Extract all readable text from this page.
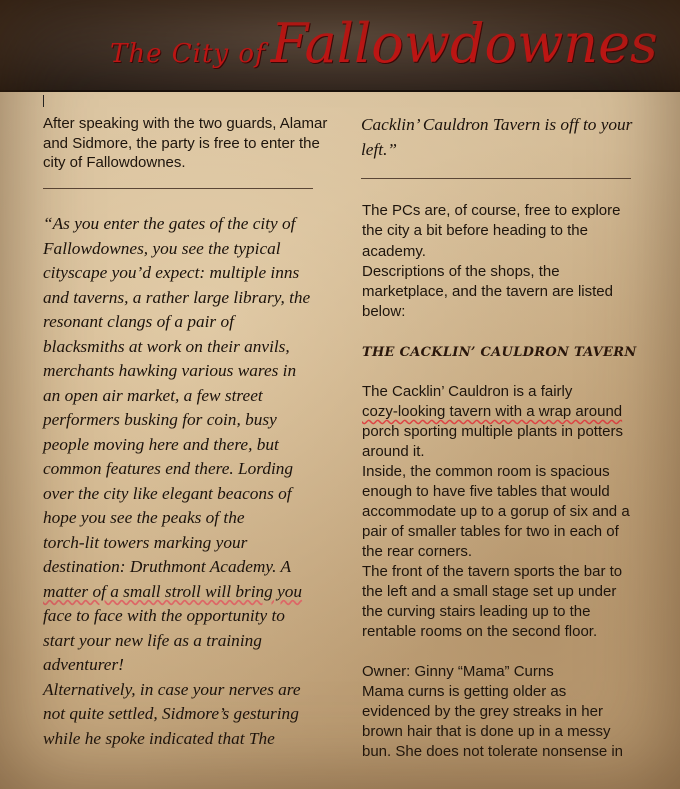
The City of Fallowdownes

After speaking with the two guards, Alamar and Sidmore, the party is free to enter the city of Fallowdownes.

“As you enter the gates of the city of
Fallowdownes, you see the typical
cityscape you’d expect: multiple inns
and taverns, a rather large library, the
resonant clangs of a pair of
blacksmiths at work on their anvils,
merchants hawking various wares in
an open air market, a few street
performers busking for coin, busy
people moving here and there, but
common features end there. Lording
over the city like elegant beacons of
hope you see the peaks of the
torch-lit towers marking your
destination: Druthmont Academy. A
matter of a small stroll will bring you
face to face with the opportunity to
start your new life as a training
adventurer!
Alternatively, in case your nerves are
not quite settled, Sidmore’s gesturing
while he spoke indicated that The
Cacklin’ Cauldron Tavern is off to your
left.”
The PCs are, of course, free to explore
the city a bit before heading to the
academy.
Descriptions of the shops, the
marketplace, and the tavern are listed
below:
THE CACKLIN’ CAULDRON TAVERN
The Cacklin’ Cauldron is a fairly
cozy-looking tavern with a wrap around
porch sporting multiple plants in potters
around it.
Inside, the common room is spacious
enough to have five tables that would
accommodate up to a gorup of six and a
pair of smaller tables for two in each of
the rear corners.
The front of the tavern sports the bar to
the left and a small stage set up under
the curving stairs leading up to the
rentable rooms on the second floor.
Owner: Ginny “Mama” Curns
Mama curns is getting older as
evidenced by the grey streaks in her
brown hair that is done up in a messy
bun. She does not tolerate nonsense in
